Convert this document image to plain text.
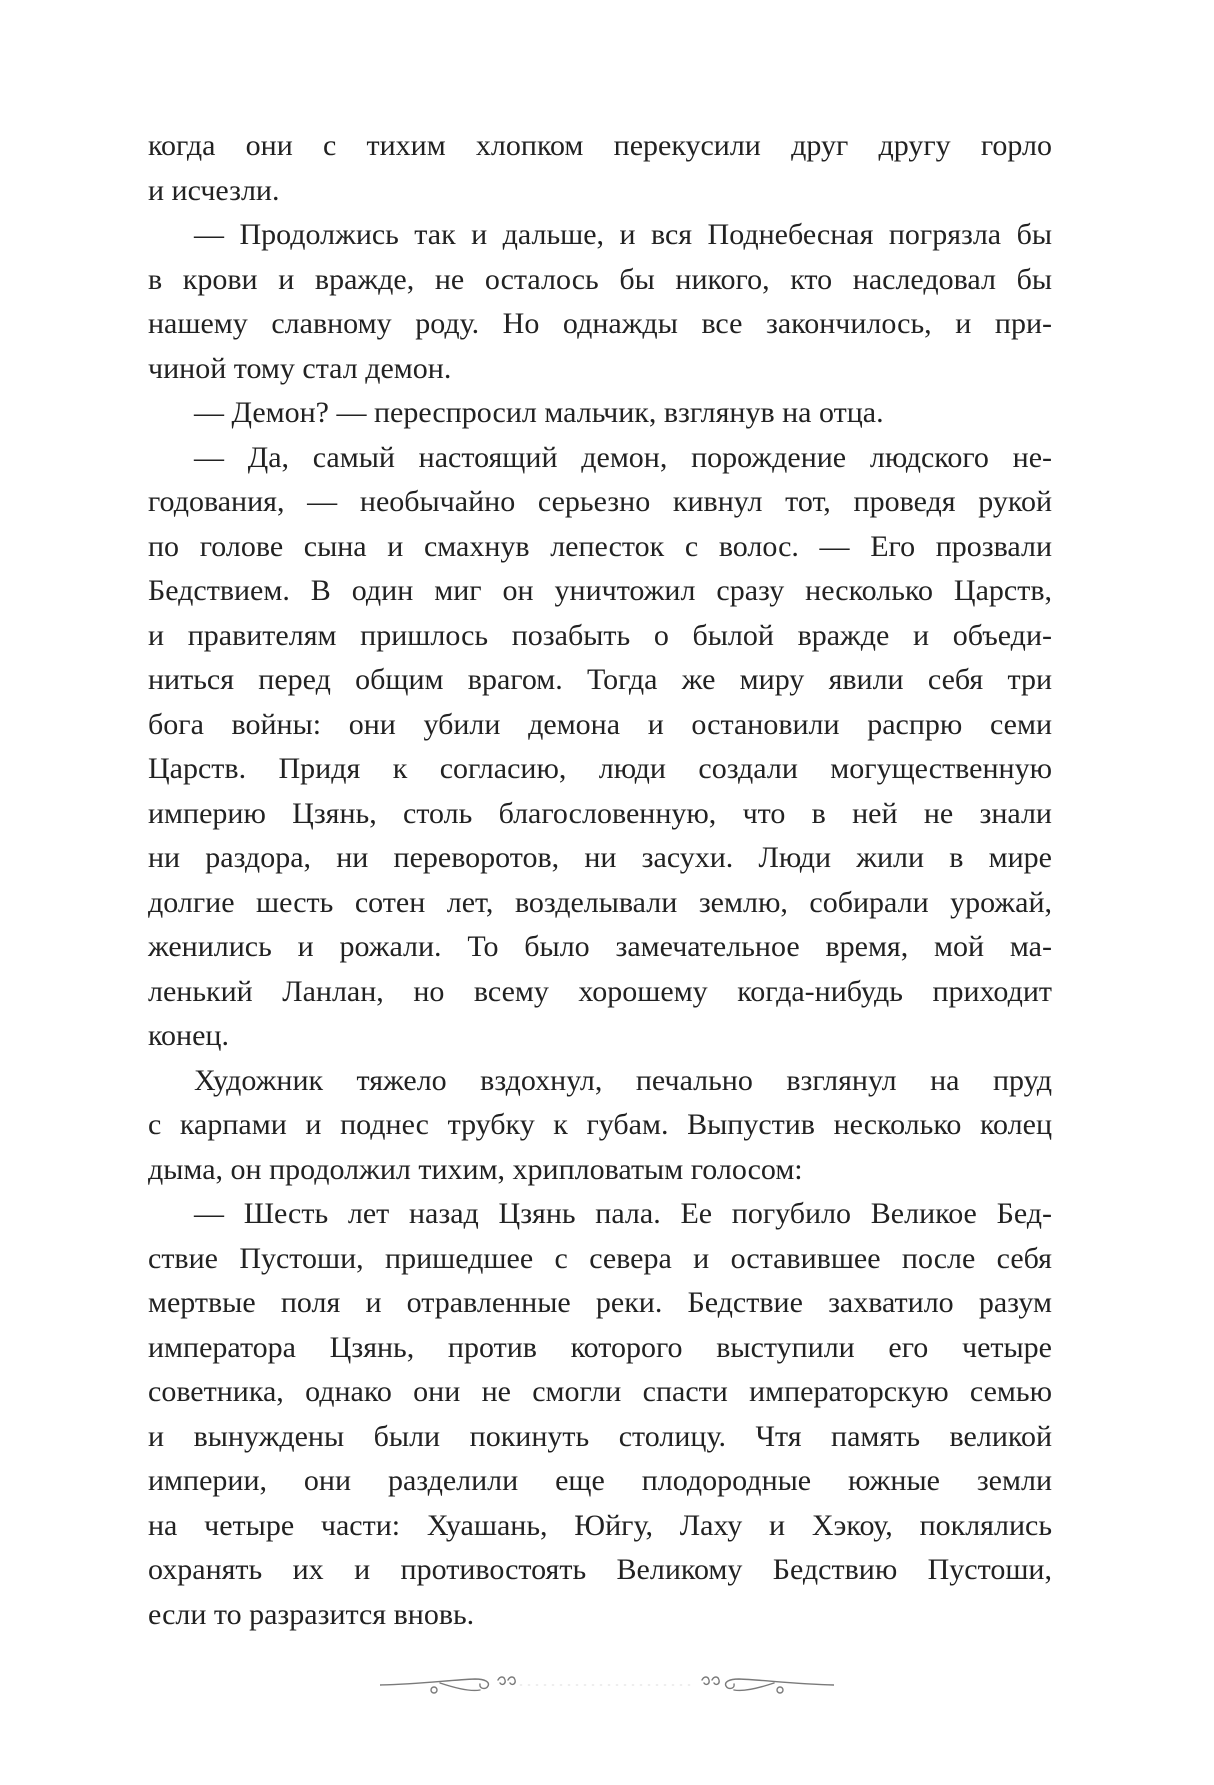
когда они с тихим хлопком перекусили друг другу горло
и исчезли.
— Продолжись так и дальше, и вся Поднебесная погрязла бы
в крови и вражде, не осталось бы никого, кто наследовал бы
нашему славному роду. Но однажды все закончилось, и при-
чиной тому стал демон.
— Демон? — переспросил мальчик, взглянув на отца.
— Да, самый настоящий демон, порождение людского не-
годования, — необычайно серьезно кивнул тот, проведя рукой
по голове сына и смахнув лепесток с волос. — Его прозвали
Бедствием. В один миг он уничтожил сразу несколько Царств,
и правителям пришлось позабыть о былой вражде и объеди-
ниться перед общим врагом. Тогда же миру явили себя три
бога войны: они убили демона и остановили распрю семи
Царств. Придя к согласию, люди создали могущественную
империю Цзянь, столь благословенную, что в ней не знали
ни раздора, ни переворотов, ни засухи. Люди жили в мире
долгие шесть сотен лет, возделывали землю, собирали урожай,
женились и рожали. То было замечательное время, мой ма-
ленький Ланлан, но всему хорошему когда-нибудь приходит
конец.
Художник тяжело вздохнул, печально взглянул на пруд
с карпами и поднес трубку к губам. Выпустив несколько колец
дыма, он продолжил тихим, хрипловатым голосом:
— Шесть лет назад Цзянь пала. Ее погубило Великое Бед-
ствие Пустоши, пришедшее с севера и оставившее после себя
мертвые поля и отравленные реки. Бедствие захватило разум
императора Цзянь, против которого выступили его четыре
советника, однако они не смогли спасти императорскую семью
и вынуждены были покинуть столицу. Чтя память великой
империи, они разделили еще плодородные южные земли
на четыре части: Хуашань, Юйгу, Лаху и Хэкоу, поклялись
охранять их и противостоять Великому Бедствию Пустоши,
если то разразится вновь.
